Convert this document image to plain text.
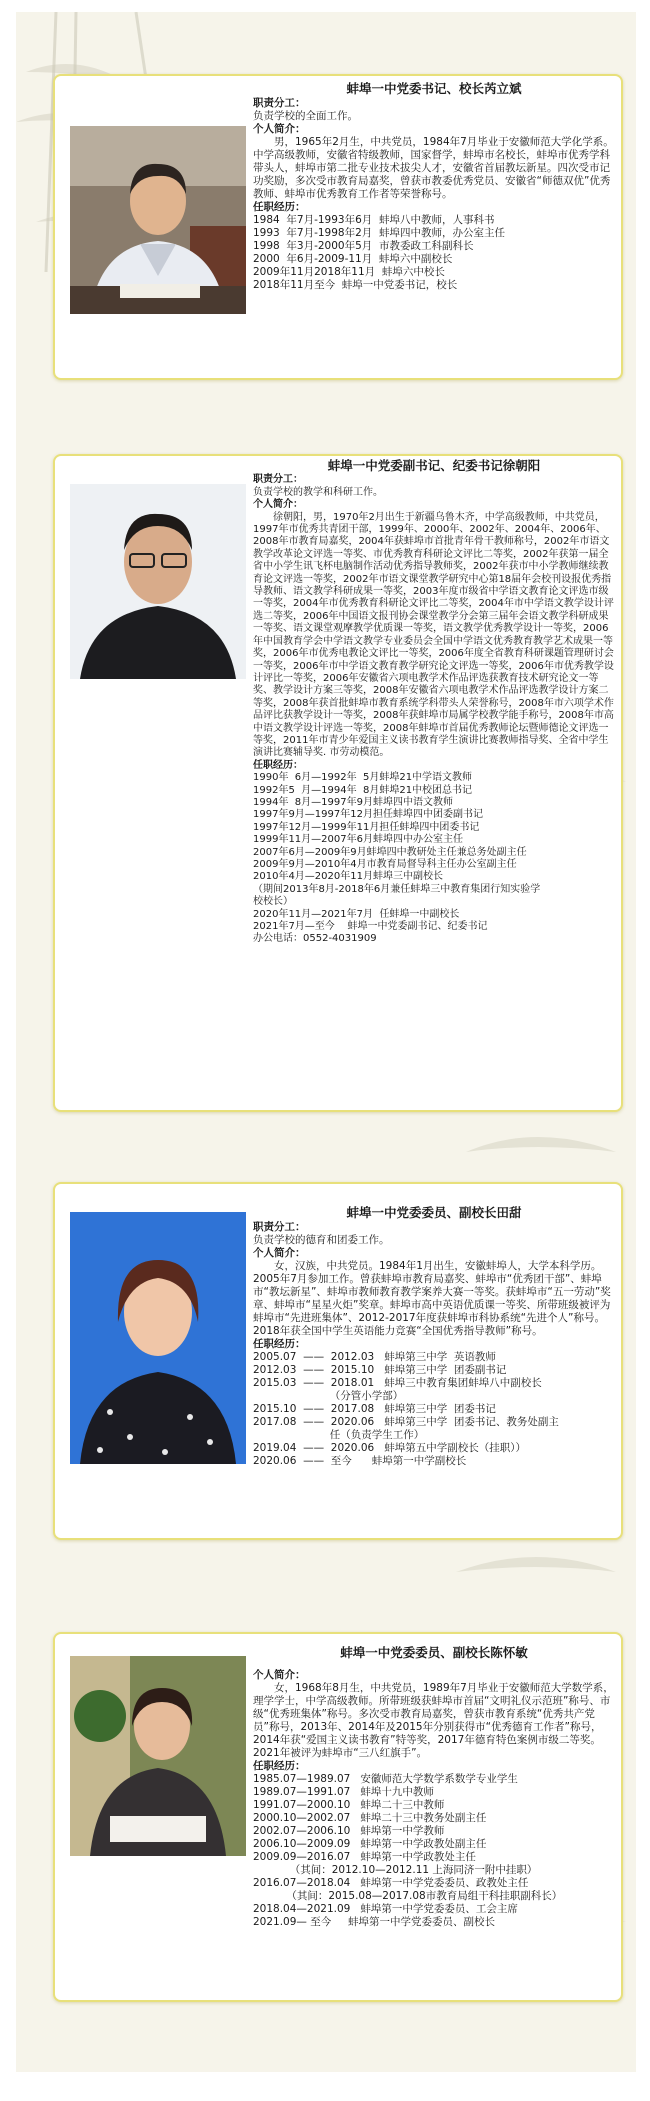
蚌埠一中党委书记、校长芮立斌
职责分工：
负责学校的全面工作。
个人简介：
男，1965年2月生，中共党员，1984年7月毕业于安徽师范大学化学系。中学高级教师，安徽省特级教师，国家督学，蚌埠市名校长，蚌埠市优秀学科带头人，蚌埠市第二批专业技术拔尖人才，安徽省首届教坛新星。四次受市记功奖励，多次受市教育局嘉奖，曾获市教委优秀党员、安徽省“师德双优”优秀教师、蚌埠市优秀教育工作者等荣誉称号。
任职经历：
1984  年7月-1993年6月  蚌埠八中教师，人事科书
1993  年7月-1998年2月  蚌埠四中教师，办公室主任
1998  年3月-2000年5月  市教委政工科副科长
2000  年6月-2009-11月  蚌埠六中副校长
2009年11月2018年11月  蚌埠六中校长
2018年11月至今  蚌埠一中党委书记，校长
蚌埠一中党委副书记、纪委书记徐朝阳
职责分工：
负责学校的教学和科研工作。
个人简介：
徐朝阳，男，1970年2月出生于新疆乌鲁木齐，中学高级教师，中共党员，1997年市优秀共青团干部，1999年、2000年、2002年、2004年、2006年、2008年市教育局嘉奖，2004年获蚌埠市首批青年骨干教师称号，2002年市语文教学改革论文评选一等奖、市优秀教育科研论文评比二等奖，2002年获第一届全省中小学生讯飞杯电脑制作活动优秀指导教师奖，2002年获市中小学教师继续教育论文评选一等奖，2002年市语文课堂教学研究中心第18届年会校刊设报优秀指导教师、语文教学科研成果一等奖，2003年度市级省中学语文教育论文评选市级一等奖，2004年市优秀教育科研论文评比二等奖，2004年市中学语文教学设计评选二等奖，2006年中国语文报刊协会课堂教学分会第三届年会语文教学科研成果一等奖、语文课堂观摩教学优质课一等奖，语文教学优秀教学设计一等奖，2006年中国教育学会中学语文教学专业委员会全国中学语文优秀教育教学艺术成果一等奖，2006年市优秀电教论文评比一等奖，2006年度全省教育科研课题管理研讨会一等奖，2006年市中学语文教育教学研究论文评选一等奖，2006年市优秀教学设计评比一等奖，2006年安徽省六项电教学术作品评选获教育技术研究论文一等奖、教学设计方案三等奖，2008年安徽省六项电教学术作品评选教学设计方案二等奖，2008年获首批蚌埠市教育系统学科带头人荣誉称号，2008年市六项学术作品评比获教学设计一等奖，2008年获蚌埠市局属学校教学能手称号，2008年市高中语文教学设计评选一等奖，2008年蚌埠市首届优秀教师论坛暨师德论文评选一等奖，2011年市青少年爱国主义读书教育学生演讲比赛教师指导奖、全省中学生演讲比赛辅导奖. 市劳动模范。
任职经历：
1990年  6月—1992年  5月蚌埠21中学语文教师
1992年5  月—1994年  8月蚌埠21中校团总书记
1994年  8月—1997年9月蚌埠四中语文教师
1997年9月—1997年12月担任蚌埠四中团委副书记
1997年12月—1999年11月担任蚌埠四中团委书记
1999年11月—2007年6月蚌埠四中办公室主任
2007年6月—2009年9月蚌埠四中教研处主任兼总务处副主任
2009年9月—2010年4月市教育局督导科主任办公室副主任
2010年4月—2020年11月蚌埠三中副校长
（期间2013年8月-2018年6月兼任蚌埠三中教育集团行知实验学
校校长）
2020年11月—2021年7月  任蚌埠一中副校长
2021年7月—至今    蚌埠一中党委副书记、纪委书记
办公电话：0552-4031909
蚌埠一中党委委员、副校长田甜
职责分工：
负责学校的德育和团委工作。
个人简介：
女，汉族，中共党员。1984年1月出生，安徽蚌埠人，大学本科学历。2005年7月参加工作。曾获蚌埠市教育局嘉奖、蚌埠市“优秀团干部”、蚌埠市“教坛新星”、蚌埠市教师教育教学案养大赛一等奖。获蚌埠市“五一劳动”奖章、蚌埠市“星星火炬”奖章。蚌埠市高中英语优质课一等奖、所带班级被评为蚌埠市“先进班集体”、2012-2017年度获蚌埠市科协系统“先进个人”称号。2018年获全国中学生英语能力竞赛“全国优秀指导教师”称号。
任职经历：
2005.07  ——  2012.03   蚌埠第三中学  英语教师
2012.03  ——  2015.10   蚌埠第三中学  团委副书记
2015.03  ——  2018.01   蚌埠三中教育集团蚌埠八中副校长
（分管小学部）
2015.10  ——  2017.08   蚌埠第三中学  团委书记
2017.08  ——  2020.06   蚌埠第三中学  团委书记、教务处副主
任（负责学生工作）
2019.04  ——  2020.06   蚌埠第五中学副校长（挂职））
2020.06  ——  至今      蚌埠第一中学副校长
蚌埠一中党委委员、副校长陈怀敏
个人简介：
女，1968年8月生，中共党员，1989年7月毕业于安徽师范大学数学系，理学学士，中学高级教师。所带班级获蚌埠市首届“文明礼仪示范班”称号、市级“优秀班集体”称号。多次受市教育局嘉奖，曾获市教育系统“优秀共产党员”称号，2013年、2014年及2015年分别获得市“优秀德育工作者”称号，2014年获“爱国主义读书教育”特等奖，2017年德育特色案例市级二等奖。2021年被评为蚌埠市“三八红旗手”。
任职经历：
1985.07—1989.07   安徽师范大学数学系数学专业学生
1989.07—1991.07   蚌埠十九中教师
1991.07—2000.10   蚌埠二十三中教师
2000.10—2002.07   蚌埠二十三中教务处副主任
2002.07—2006.10   蚌埠第一中学教师
2006.10—2009.09   蚌埠第一中学政教处副主任
2009.09—2016.07   蚌埠第一中学政教处主任
（其间：2012.10—2012.11 上海同济一附中挂职）
2016.07—2018.04   蚌埠第一中学党委委员、政教处主任
（其间：2015.08—2017.08市教育局组干科挂职副科长）
2018.04—2021.09   蚌埠第一中学党委委员、工会主席
2021.09— 至今     蚌埠第一中学党委委员、副校长
